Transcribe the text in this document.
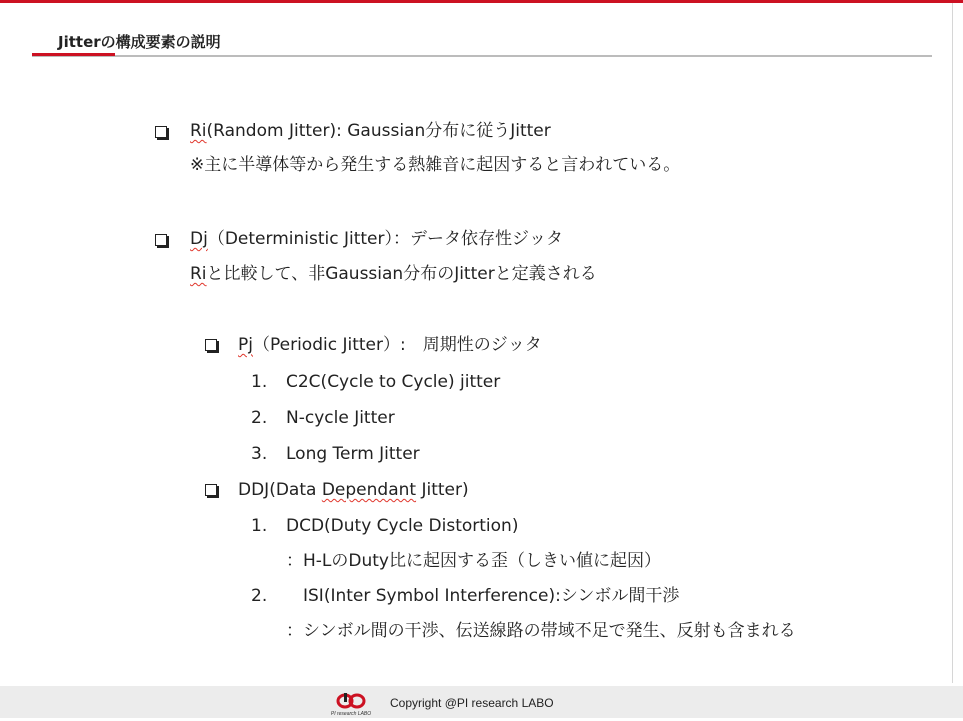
Jitterの構成要素の説明
Ri(Random Jitter): Gaussian分布に従うJitter
※主に半導体等から発生する熱雑音に起因すると言われている。
Dj（Deterministic Jitter）：データ依存性ジッタ
Riと比較して、非Gaussian分布のJitterと定義される
Pj（Periodic Jitter）:　周期性のジッタ
1. C2C(Cycle to Cycle) jitter
2. N-cycle Jitter
3. Long Term Jitter
DDJ(Data Dependant Jitter)
1. DCD(Duty Cycle Distortion)
：H-LのDuty比に起因する歪（しきい値に起因）
2. ISI(Inter Symbol Interference):シンボル間干渉
：シンボル間の干渉、伝送線路の帯域不足で発生、反射も含まれる
PI research LABO
Copyright @PI research LABO
